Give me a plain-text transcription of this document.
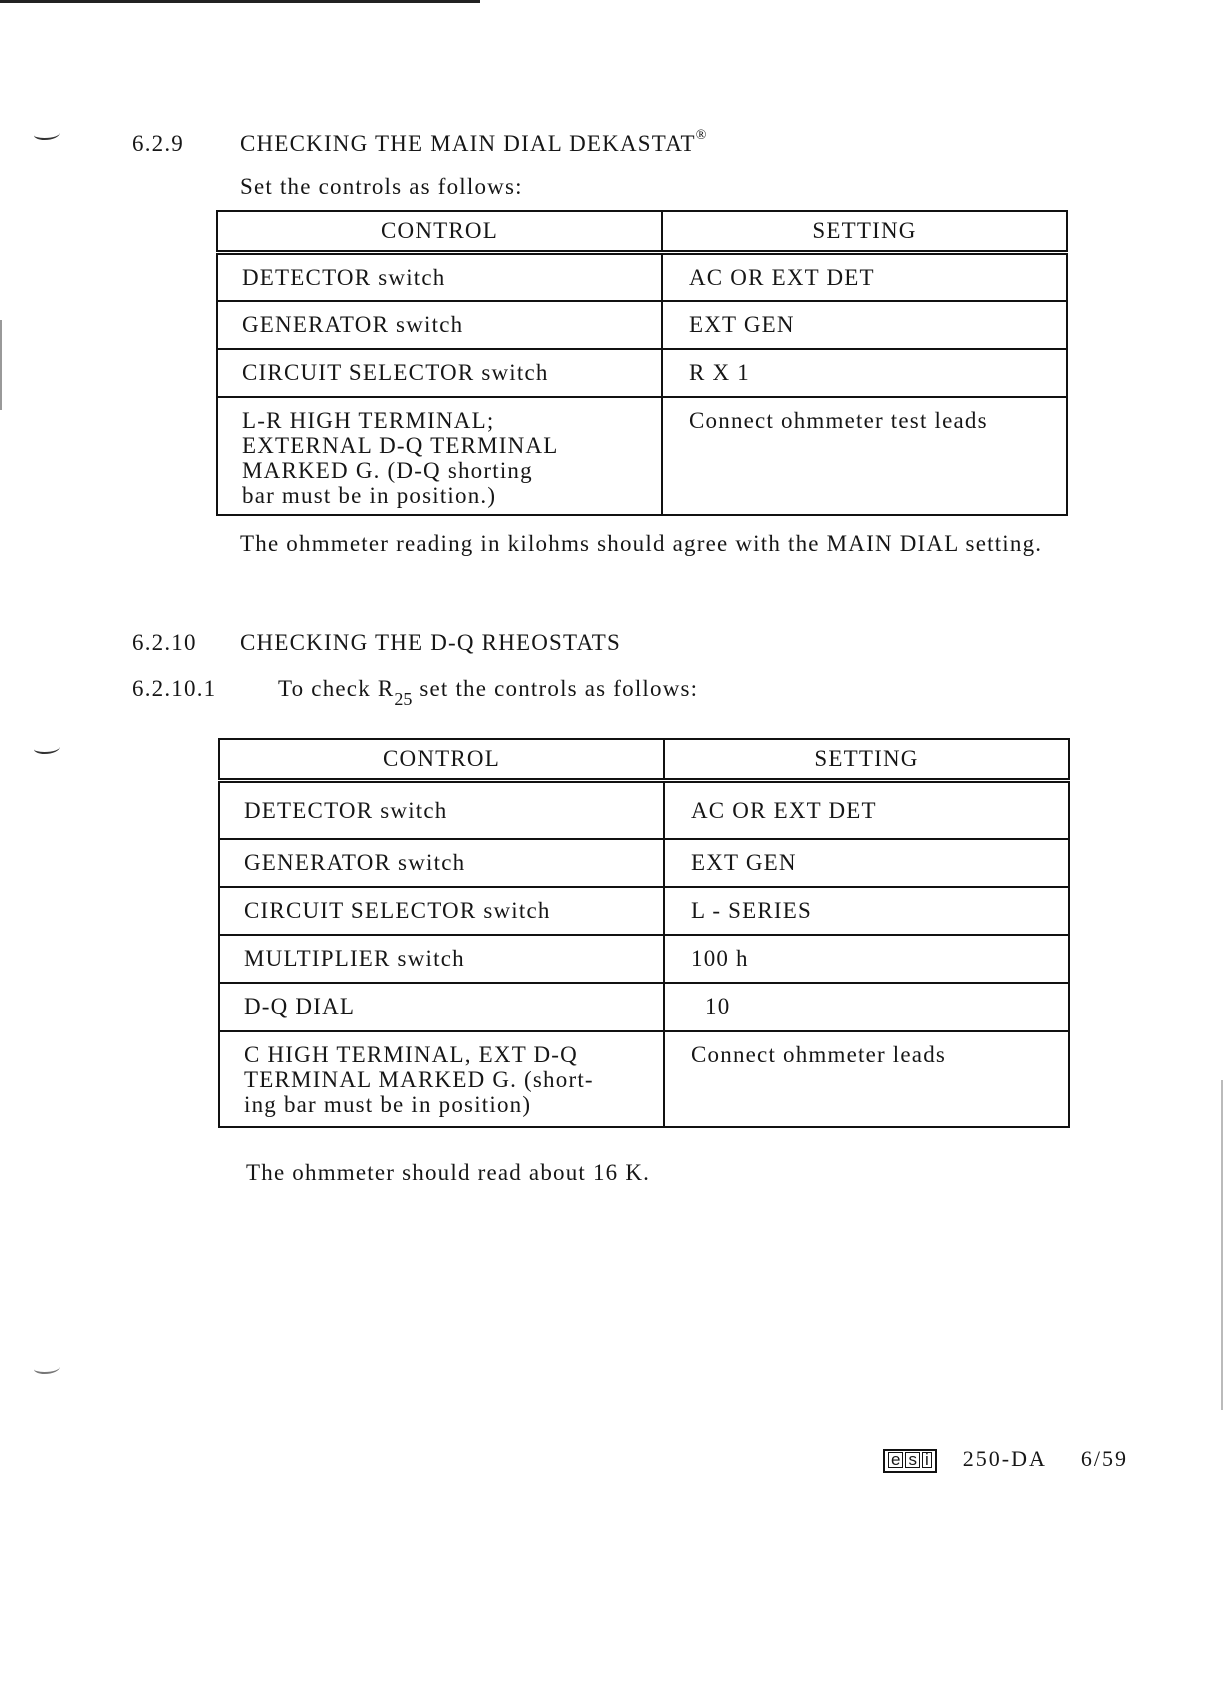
6.2.9 CHECKING THE MAIN DIAL DEKASTAT®
Set the controls as follows:
CONTROL	SETTING
DETECTOR switch	AC OR EXT DET
GENERATOR switch	EXT GEN
CIRCUIT SELECTOR switch	R X 1

L-R HIGH TERMINAL;
EXTERNAL D-Q TERMINAL
MARKED G. (D-Q shorting
bar must be in position.)	Connect ohmmeter test leads
The ohmmeter reading in kilohms should agree with the MAIN DIAL setting.
6.2.10 CHECKING THE D-Q RHEOSTATS
6.2.10.1	To check $R_{25}$ set the controls as follows:
CONTROL	SETTING
DETECTOR switch	AC OR EXT DET
GENERATOR switch	EXT GEN
CIRCUIT SELECTOR switch	L - SERIES
MULTIPLIER switch	100 h
D-Q DIAL	10

C HIGH TERMINAL, EXT D-Q
TERMINAL MARKED G. (short-
ing bar must be in position)	Connect ohmmeter leads
The ohmmeter should read about 16 K.
e s i 250-DA 6/59
